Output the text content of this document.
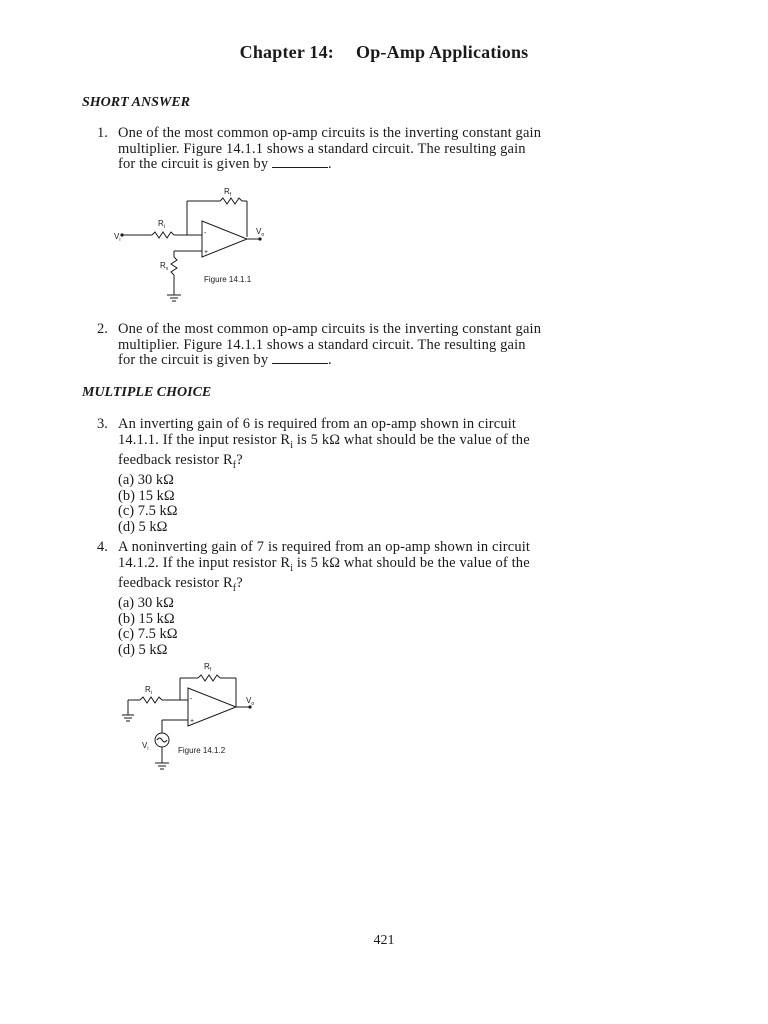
Chapter 14: Op-Amp Applications
SHORT ANSWER
1. One of the most common op-amp circuits is the inverting constant gain
multiplier. Figure 14.1.1 shows a standard circuit. The resulting gain
for the circuit is given by	.
$R_f$
$R_i$
$V_i$
$V_o$
$R_x$
-
+
Figure 14.1.1
2. One of the most common op-amp circuits is the inverting constant gain
multiplier. Figure 14.1.1 shows a standard circuit. The resulting gain
for the circuit is given by	.
MULTIPLE CHOICE
3. An inverting gain of 6 is required from an op-amp shown in circuit
14.1.1. If the input resistor $R_i$ is 5 kΩ what should be the value of the
feedback resistor $R_f$?
(a) 30 kΩ
(b) 15 kΩ
(c) 7.5 kΩ
(d) 5 kΩ
4. A noninverting gain of 7 is required from an op-amp shown in circuit
14.1.2. If the input resistor $R_i$ is 5 kΩ what should be the value of the
feedback resistor $R_f$?
(a) 30 kΩ
(b) 15 kΩ
(c) 7.5 kΩ
(d) 5 kΩ
$R_f$
$R_i$
$V_o$
$V_i$
-
+
Figure 14.1.2
421
